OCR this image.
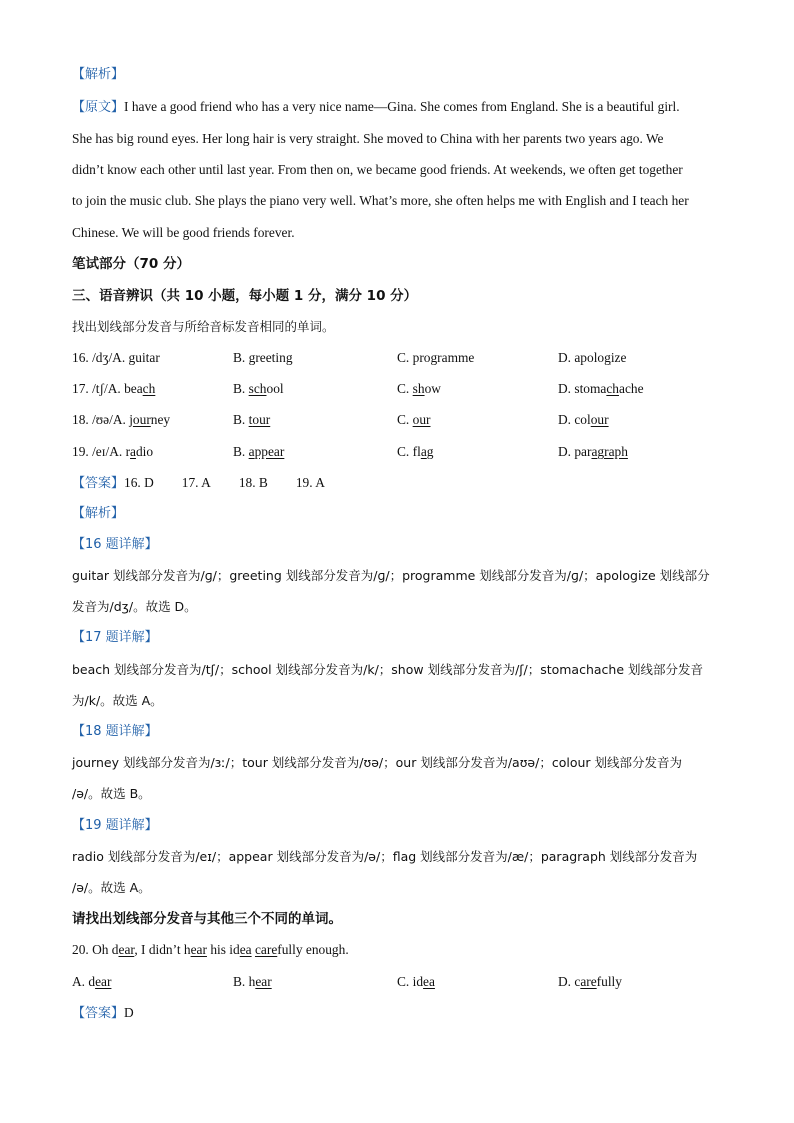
【解析】
【原文】I have a good friend who has a very nice name—Gina. She comes from England. She is a beautiful girl.
She has big round eyes. Her long hair is very straight. She moved to China with her parents two years ago. We
didn’t know each other until last year. From then on, we became good friends. At weekends, we often get together
to join the music club. She plays the piano very well. What’s more, she often helps me with English and I teach her
Chinese. We will be good friends forever.
笔试部分（70 分）
三、语音辨识（共 10 小题，每小题 1 分，满分 10 分）
找出划线部分发音与所给音标发音相同的单词。
16. /dʒ/A. guitar	B. greeting	C. programme	D. apologize
17. /tʃ/A. beach	B. school	C. show	D. stomachache
18. /ʊə/A. journey	B. tour	C. our	D. colour
19. /eɪ/A. radio	B. appear	C. flag	D. paragraph
【答案】16. D 17. A 18. B 19. A
【解析】
【16 题详解】
guitar 划线部分发音为/ɡ/；greeting 划线部分发音为/ɡ/；programme 划线部分发音为/ɡ/；apologize 划线部分
发音为/dʒ/。故选 D。
【17 题详解】
beach 划线部分发音为/tʃ/；school 划线部分发音为/k/；show 划线部分发音为/ʃ/；stomachache 划线部分发音
为/k/。故选 A。
【18 题详解】
journey 划线部分发音为/ɜː/；tour 划线部分发音为/ʊə/；our 划线部分发音为/aʊə/；colour 划线部分发音为
/ə/。故选 B。
【19 题详解】
radio 划线部分发音为/eɪ/；appear 划线部分发音为/ə/；flag 划线部分发音为/æ/；paragraph 划线部分发音为
/ə/。故选 A。
请找出划线部分发音与其他三个不同的单词。
20. Oh dear, I didn’t hear his idea carefully enough.
A. dear	B. hear	C. idea	D. carefully
【答案】D
